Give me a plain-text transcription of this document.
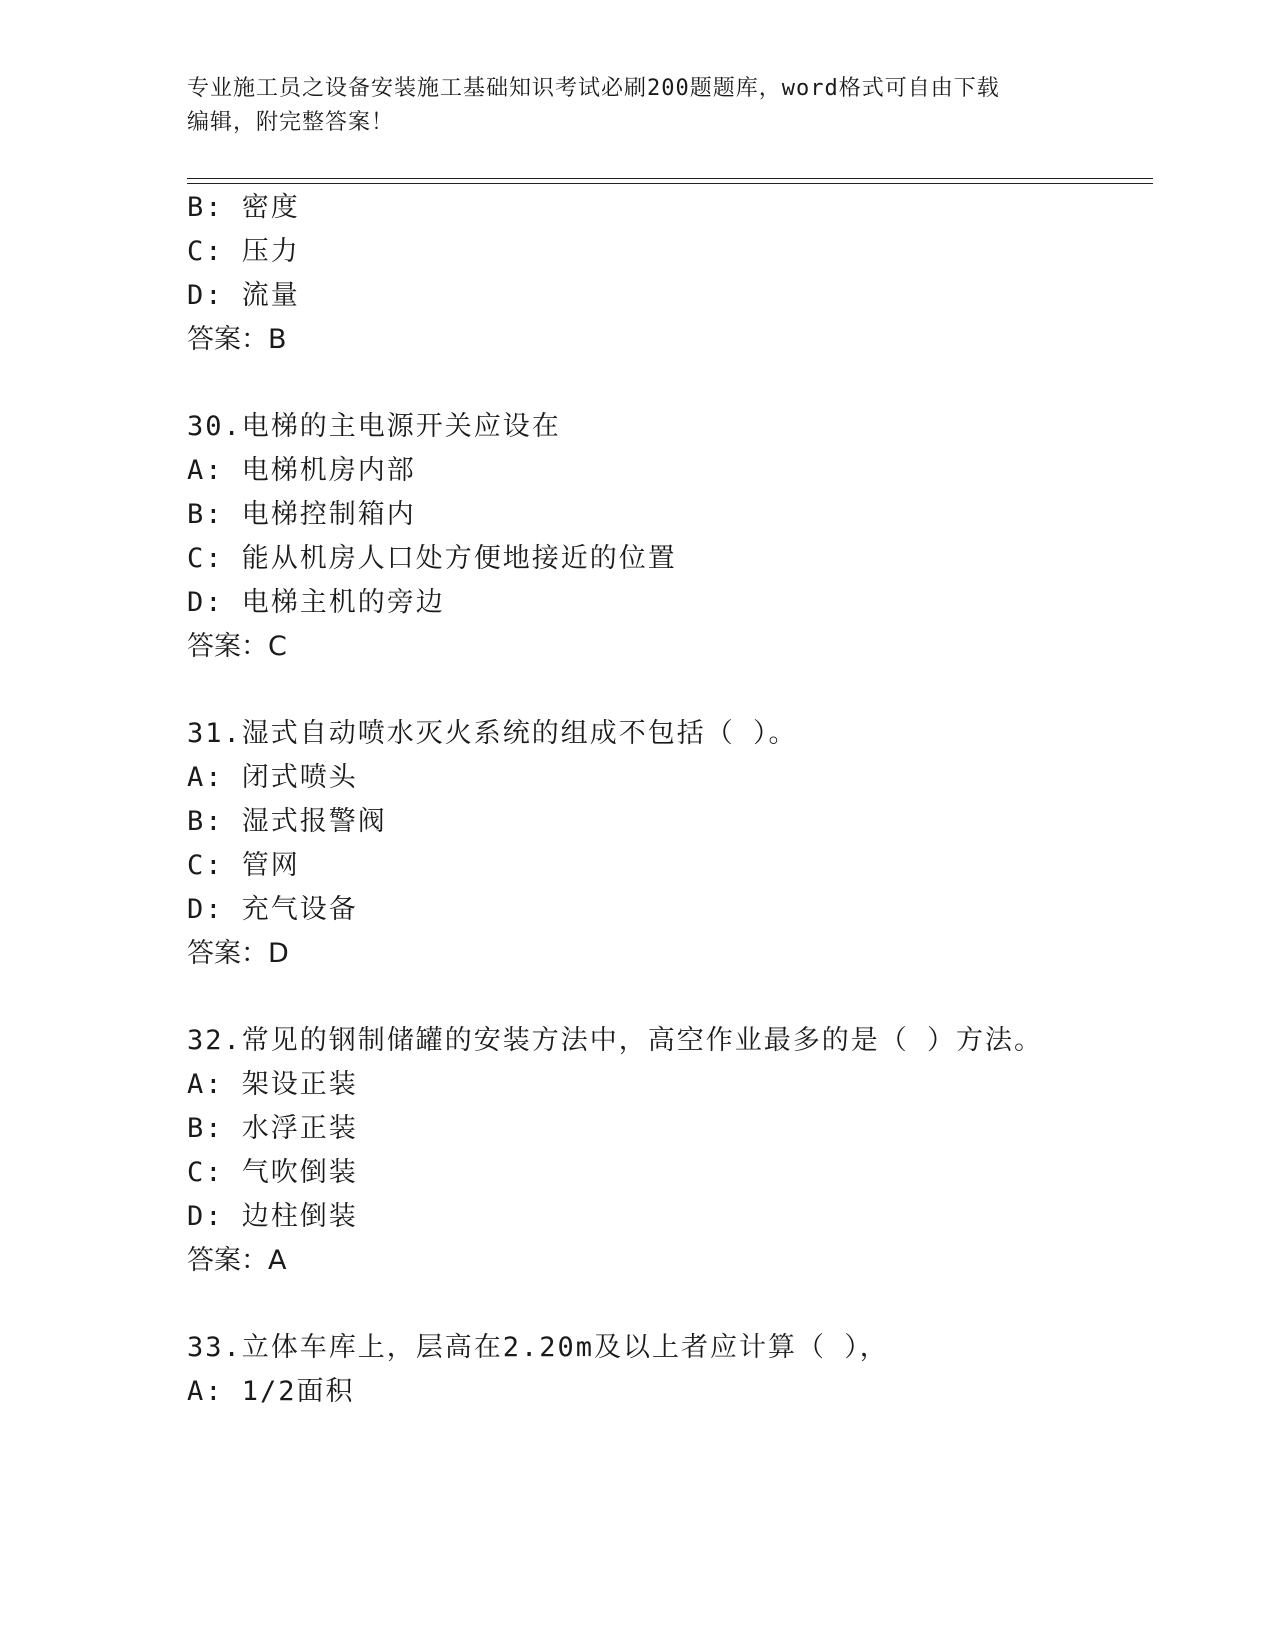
专业施工员之设备安装施工基础知识考试必刷200题题库，word格式可自由下载
编辑，附完整答案！
B: 密度
C: 压力
D: 流量
答案：B
30.电梯的主电源开关应设在
A: 电梯机房内部
B: 电梯控制箱内
C: 能从机房人口处方便地接近的位置
D: 电梯主机的旁边
答案：C
31.湿式自动喷水灭火系统的组成不包括（ ）。
A: 闭式喷头
B: 湿式报警阀
C: 管网
D: 充气设备
答案：D
32.常见的钢制储罐的安装方法中，高空作业最多的是（ ）方法。
A: 架设正装
B: 水浮正装
C: 气吹倒装
D: 边柱倒装
答案：A
33.立体车库上，层高在2.20m及以上者应计算（ ），
A: 1/2面积
